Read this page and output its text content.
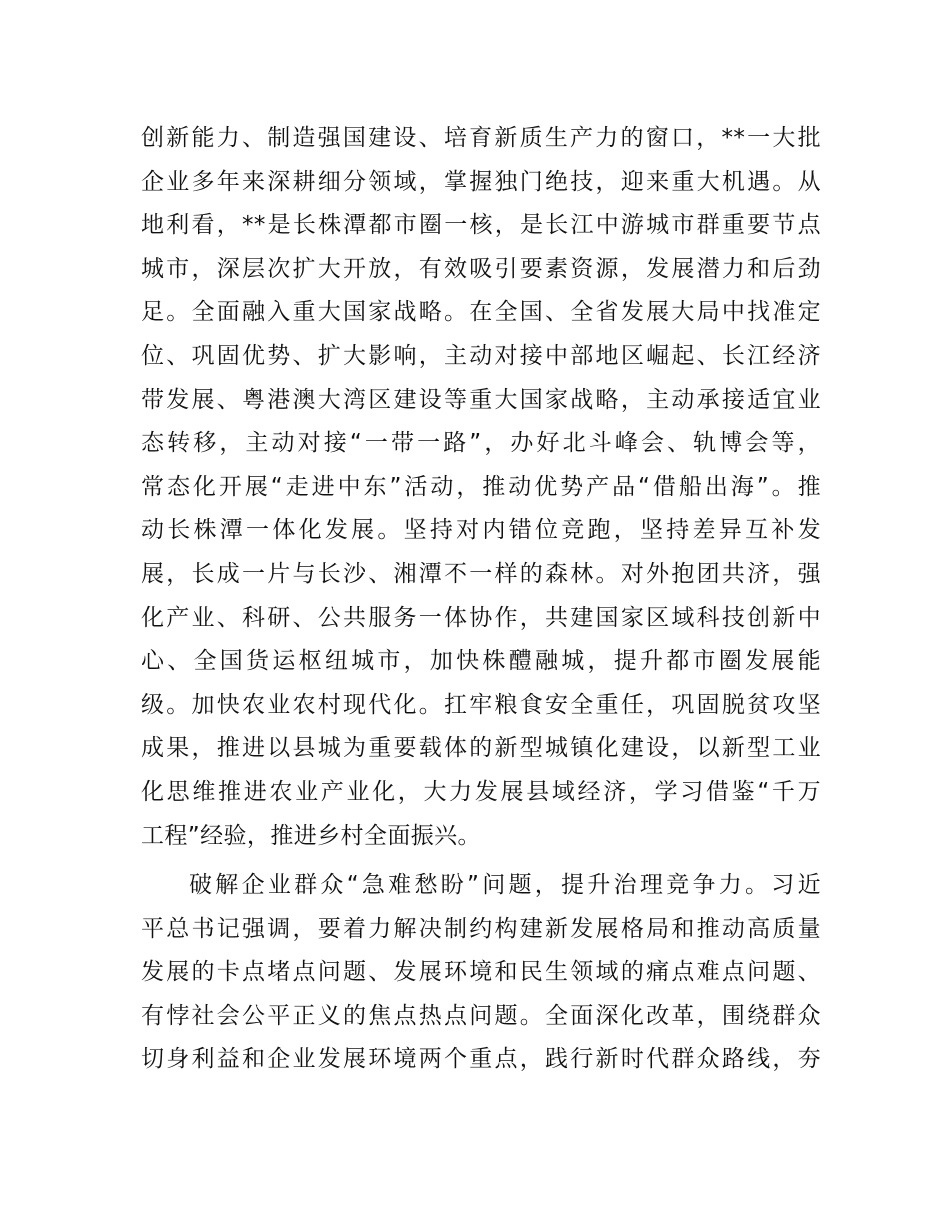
创新能力、制造强国建设、培育新质生产力的窗口，**一大批
企业多年来深耕细分领域，掌握独门绝技，迎来重大机遇。从
地利看，**是长株潭都市圈一核，是长江中游城市群重要节点
城市，深层次扩大开放，有效吸引要素资源，发展潜力和后劲
足。全面融入重大国家战略。在全国、全省发展大局中找准定
位、巩固优势、扩大影响，主动对接中部地区崛起、长江经济
带发展、粤港澳大湾区建设等重大国家战略，主动承接适宜业
态转移，主动对接“一带一路”，办好北斗峰会、轨博会等，
常态化开展“走进中东”活动，推动优势产品“借船出海”。推
动长株潭一体化发展。坚持对内错位竞跑，坚持差异互补发
展，长成一片与长沙、湘潭不一样的森林。对外抱团共济，强
化产业、科研、公共服务一体协作，共建国家区域科技创新中
心、全国货运枢纽城市，加快株醴融城，提升都市圈发展能
级。加快农业农村现代化。扛牢粮食安全重任，巩固脱贫攻坚
成果，推进以县城为重要载体的新型城镇化建设，以新型工业
化思维推进农业产业化，大力发展县域经济，学习借鉴“千万
工程”经验，推进乡村全面振兴。
破解企业群众“急难愁盼”问题，提升治理竞争力。习近
平总书记强调，要着力解决制约构建新发展格局和推动高质量
发展的卡点堵点问题、发展环境和民生领域的痛点难点问题、
有悖社会公平正义的焦点热点问题。全面深化改革，围绕群众
切身利益和企业发展环境两个重点，践行新时代群众路线，夯
